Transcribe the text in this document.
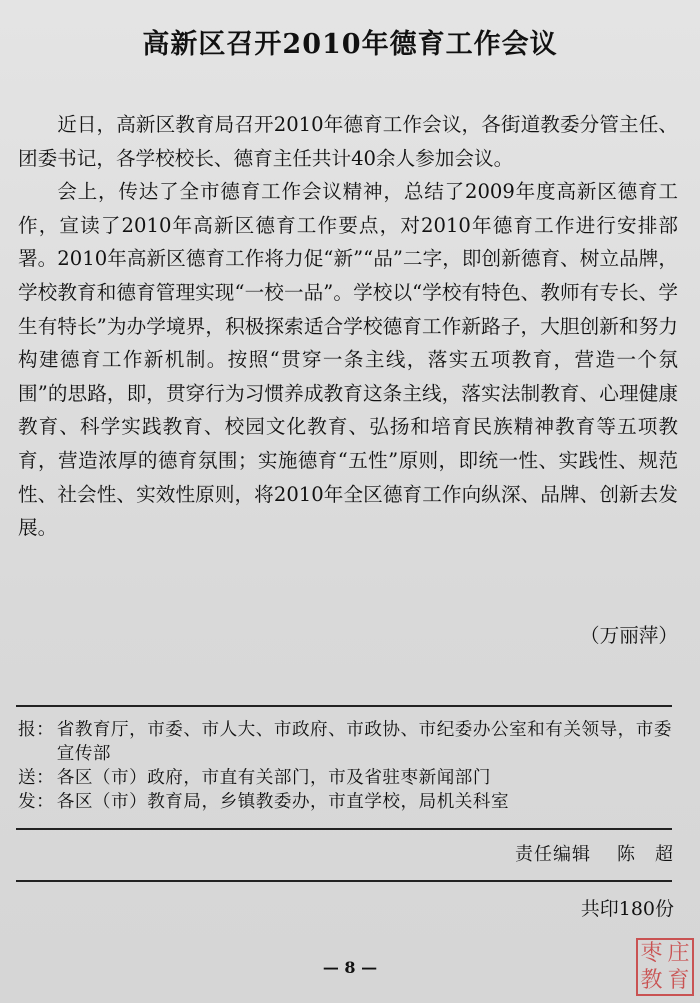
高新区召开2010年德育工作会议

近日，高新区教育局召开2010年德育工作会议，各街道教委分管主任、团委书记，各学校校长、德育主任共计40余人参加会议。

会上，传达了全市德育工作会议精神，总结了2009年度高新区德育工作，宣读了2010年高新区德育工作要点，对2010年德育工作进行安排部署。2010年高新区德育工作将力促“新”“品”二字，即创新德育、树立品牌，学校教育和德育管理实现“一校一品”。学校以“学校有特色、教师有专长、学生有特长”为办学境界，积极探索适合学校德育工作新路子，大胆创新和努力构建德育工作新机制。按照“贯穿一条主线，落实五项教育，营造一个氛围”的思路，即，贯穿行为习惯养成教育这条主线，落实法制教育、心理健康教育、科学实践教育、校园文化教育、弘扬和培育民族精神教育等五项教育，营造浓厚的德育氛围；实施德育“五性”原则，即统一性、实践性、规范性、社会性、实效性原则，将2010年全区德育工作向纵深、品牌、创新去发展。

（万丽萍）
报： 省教育厅，市委、市人大、市政府、市政协、市纪委办公室和有关领导，市委宣传部
送： 各区（市）政府，市直有关部门，市及省驻枣新闻部门
发： 各区（市）教育局，乡镇教委办，市直学校，局机关科室
责任编辑 陈　超
共印180份
— 8 —
枣 庄
教 育
